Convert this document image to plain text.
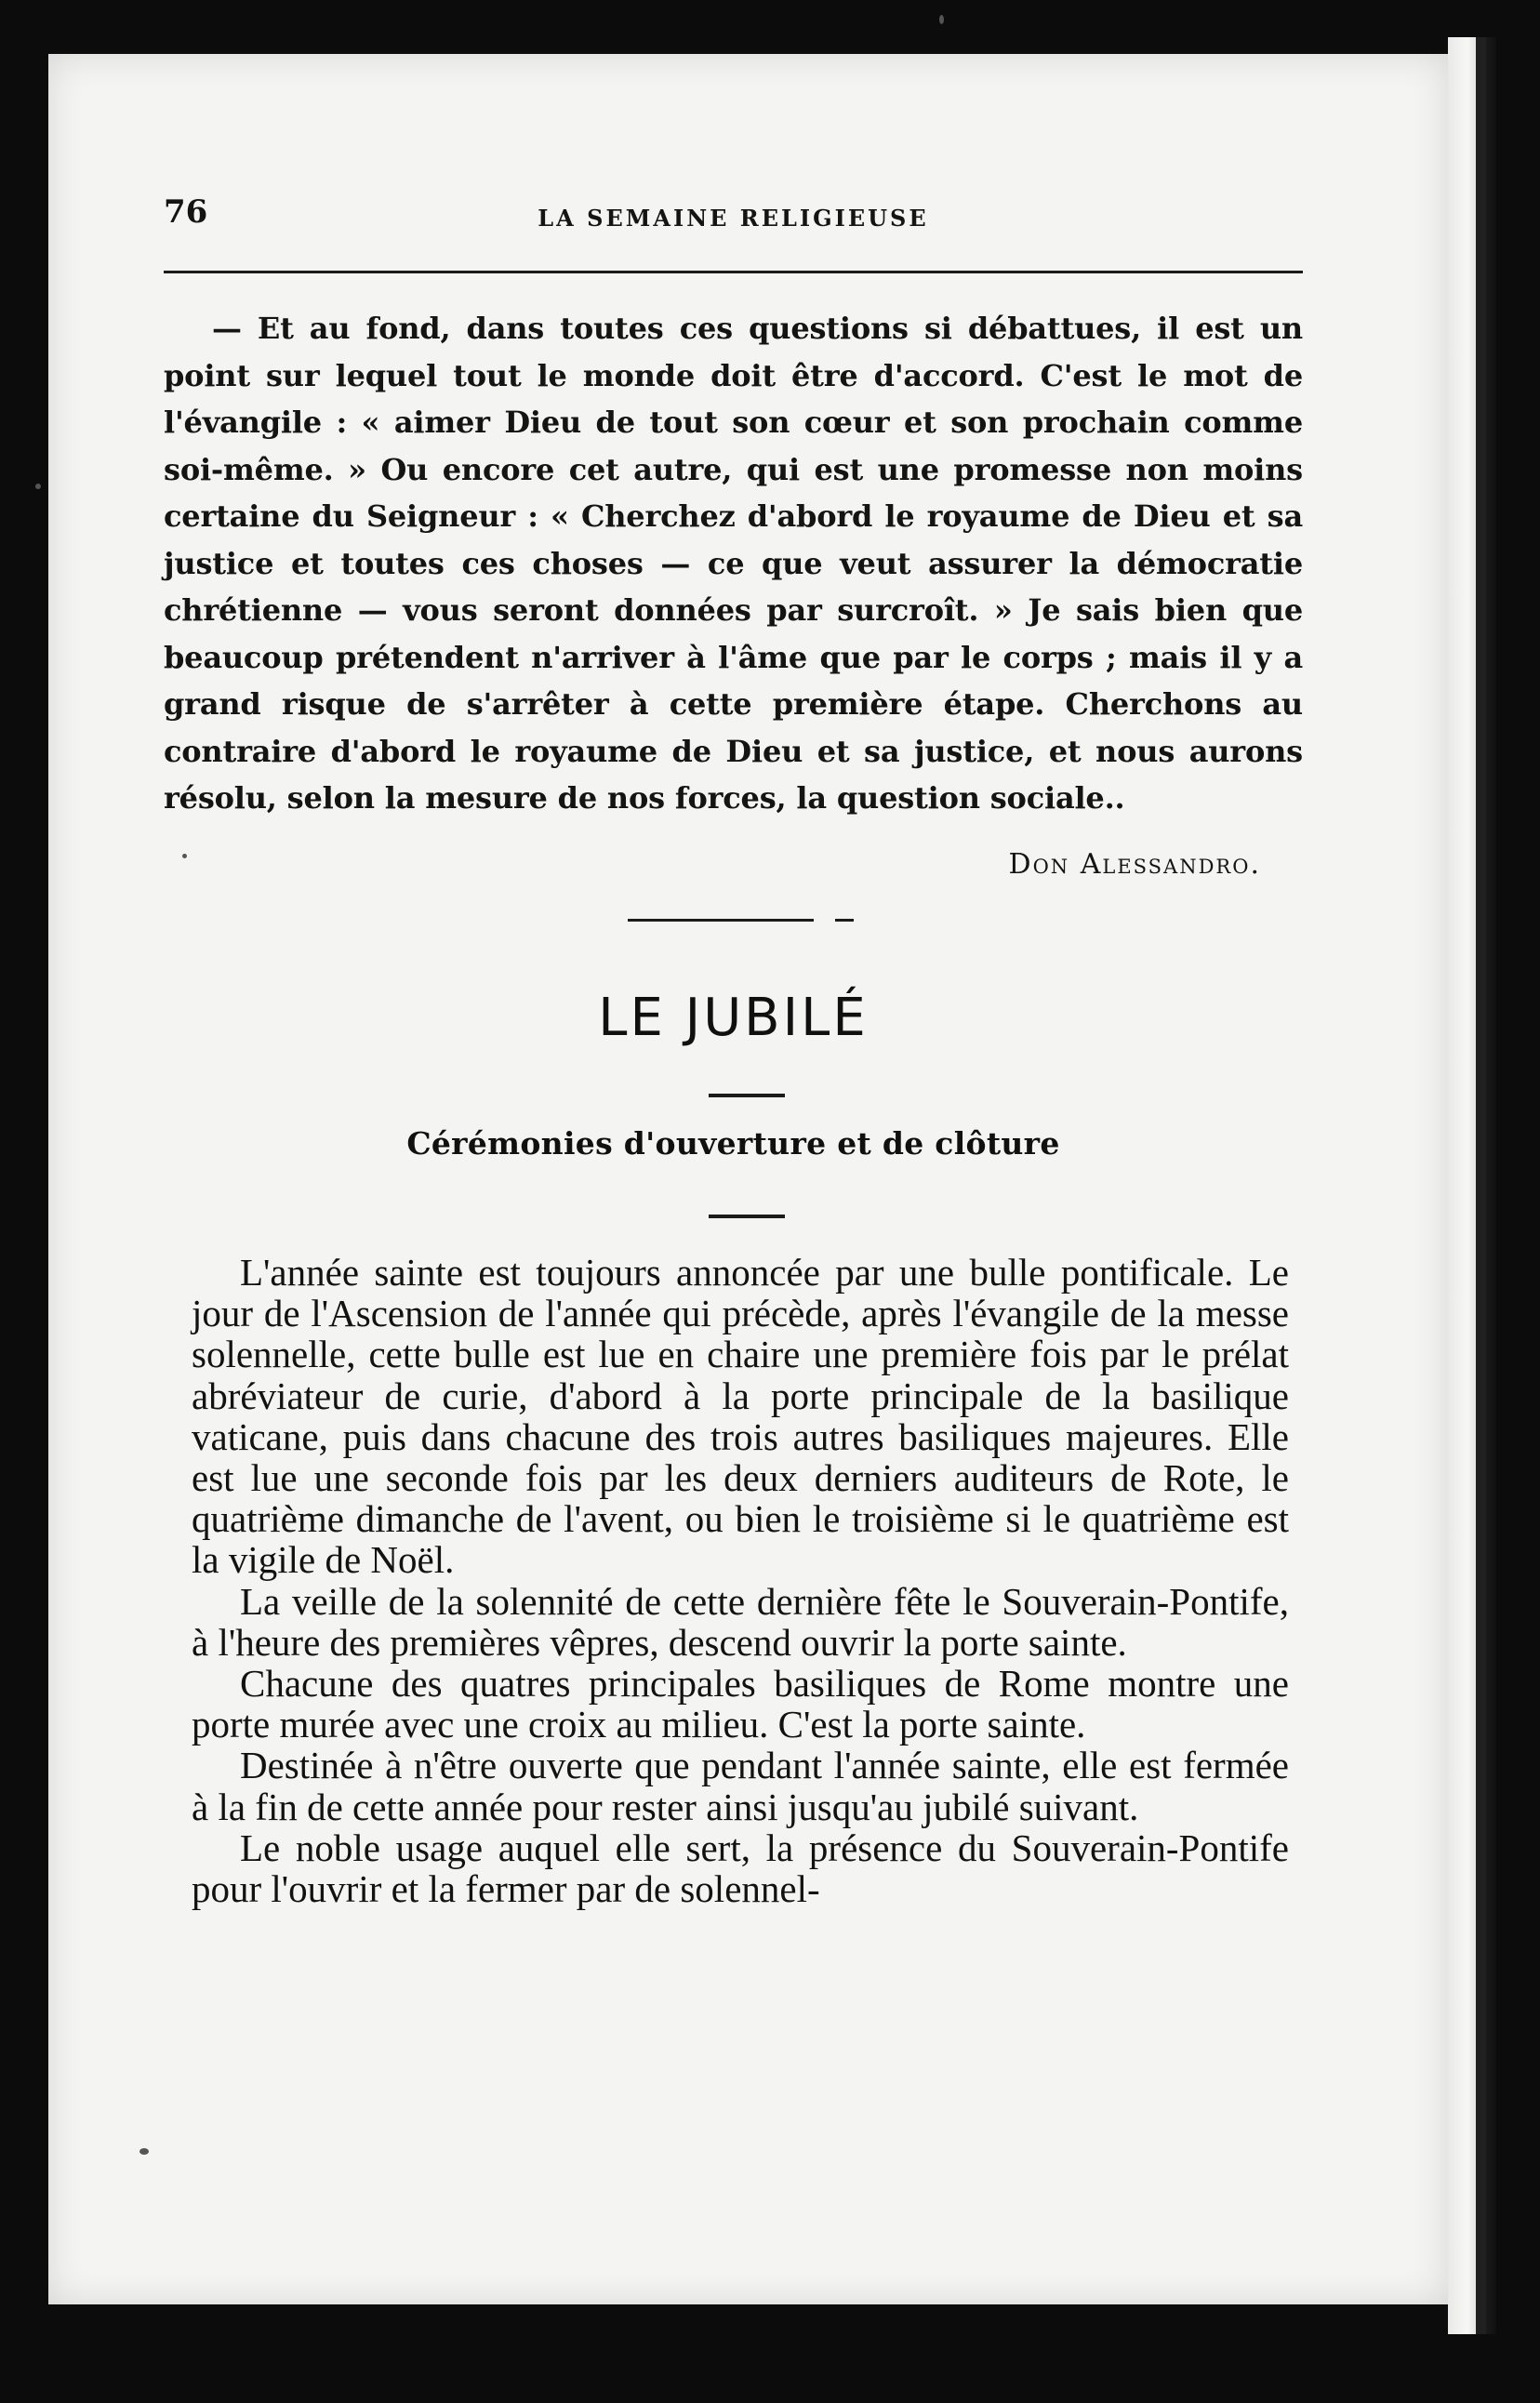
76	LA SEMAINE RELIGIEUSE
— Et au fond, dans toutes ces questions si débattues, il est un point sur lequel tout le monde doit être d'accord. C'est le mot de l'évangile : « aimer Dieu de tout son cœur et son prochain comme soi-même. » Ou encore cet autre, qui est une promesse non moins certaine du Seigneur : « Cherchez d'abord le royaume de Dieu et sa justice et toutes ces choses — ce que veut assurer la démocratie chrétienne — vous seront données par surcroît. » Je sais bien que beaucoup prétendent n'arriver à l'âme que par le corps ; mais il y a grand risque de s'arrêter à cette première étape. Cherchons au contraire d'abord le royaume de Dieu et sa justice, et nous aurons résolu, selon la mesure de nos forces, la question sociale..
Don Alessandro.
LE JUBILÉ
Cérémonies d'ouverture et de clôture

L'année sainte est toujours annoncée par une bulle pontificale. Le jour de l'Ascension de l'année qui précède, après l'évangile de la messe solennelle, cette bulle est lue en chaire une première fois par le prélat abréviateur de curie, d'abord à la porte principale de la basilique vaticane, puis dans chacune des trois autres basiliques majeures. Elle est lue une seconde fois par les deux derniers auditeurs de Rote, le quatrième dimanche de l'avent, ou bien le troisième si le quatrième est la vigile de Noël.

La veille de la solennité de cette dernière fête le Souverain-Pontife, à l'heure des premières vêpres, descend ouvrir la porte sainte.

Chacune des quatres principales basiliques de Rome montre une porte murée avec une croix au milieu. C'est la porte sainte.

Destinée à n'être ouverte que pendant l'année sainte, elle est fermée à la fin de cette année pour rester ainsi jusqu'au jubilé suivant.

Le noble usage auquel elle sert, la présence du Souverain-Pontife pour l'ouvrir et la fermer par de solennel-
